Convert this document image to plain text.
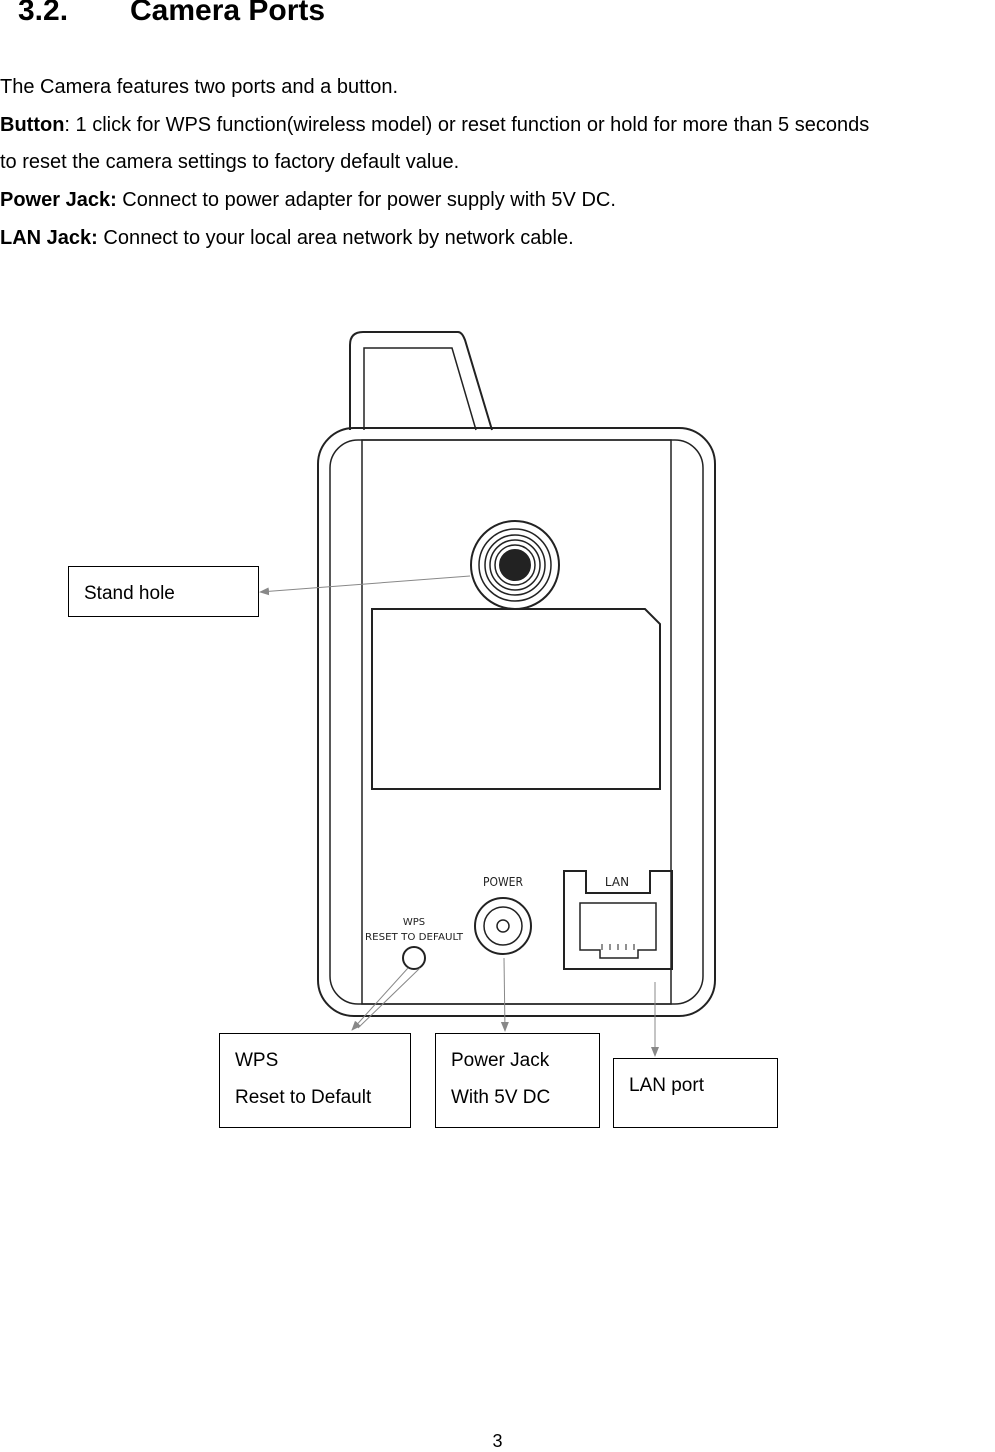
3.2. Camera Ports
The Camera features two ports and a button.
Button: 1 click for WPS function(wireless model) or reset function or hold for more than 5 seconds
to reset the camera settings to factory default value.
Power Jack: Connect to power adapter for power supply with 5V DC.
LAN Jack: Connect to your local area network by network cable.
POWER	LAN
WPS
RESET TO DEFAULT
Stand hole
WPS
Reset to Default
Power Jack
With 5V DC
LAN port
3
